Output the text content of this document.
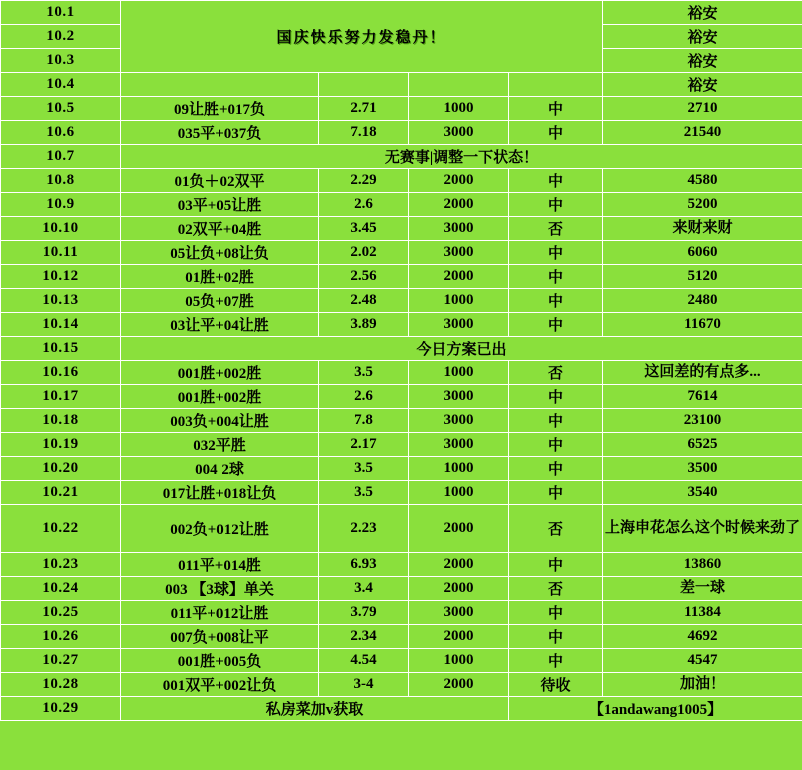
10.1	国庆快乐努力发稳丹！				裕安
10.2					裕安
10.3					裕安
10.4					裕安
10.5	09让胜+017负	2.71	1000	中	2710
10.6	035平+037负	7.18	3000	中	21540
10.7	无赛事|调整一下状态！				
10.8	01负＋02双平	2.29	2000	中	4580
10.9	03平+05让胜	2.6	2000	中	5200
10.10	02双平+04胜	3.45	3000	否	来财来财
10.11	05让负+08让负	2.02	3000	中	6060
10.12	01胜+02胜	2.56	2000	中	5120
10.13	05负+07胜	2.48	1000	中	2480
10.14	03让平+04让胜	3.89	3000	中	11670
10.15	今日方案已出				
10.16	001胜+002胜	3.5	1000	否	这回差的有点多...
10.17	001胜+002胜	2.6	3000	中	7614
10.18	003负+004让胜	7.8	3000	中	23100
10.19	032平胜	2.17	3000	中	6525
10.20	004 2球	3.5	1000	中	3500
10.21	017让胜+018让负	3.5	1000	中	3540
10.22	002负+012让胜	2.23	2000	否	上海申花怎么这个时候来劲了
10.23	011平+014胜	6.93	2000	中	13860
10.24	003 【3球】单关	3.4	2000	否	差一球
10.25	011平+012让胜	3.79	3000	中	11384
10.26	007负+008让平	2.34	2000	中	4692
10.27	001胜+005负	4.54	1000	中	4547
10.28	001双平+002让负	3-4	2000	待收	加油！
10.29	私房菜加v获取			【1andawang1005】	
